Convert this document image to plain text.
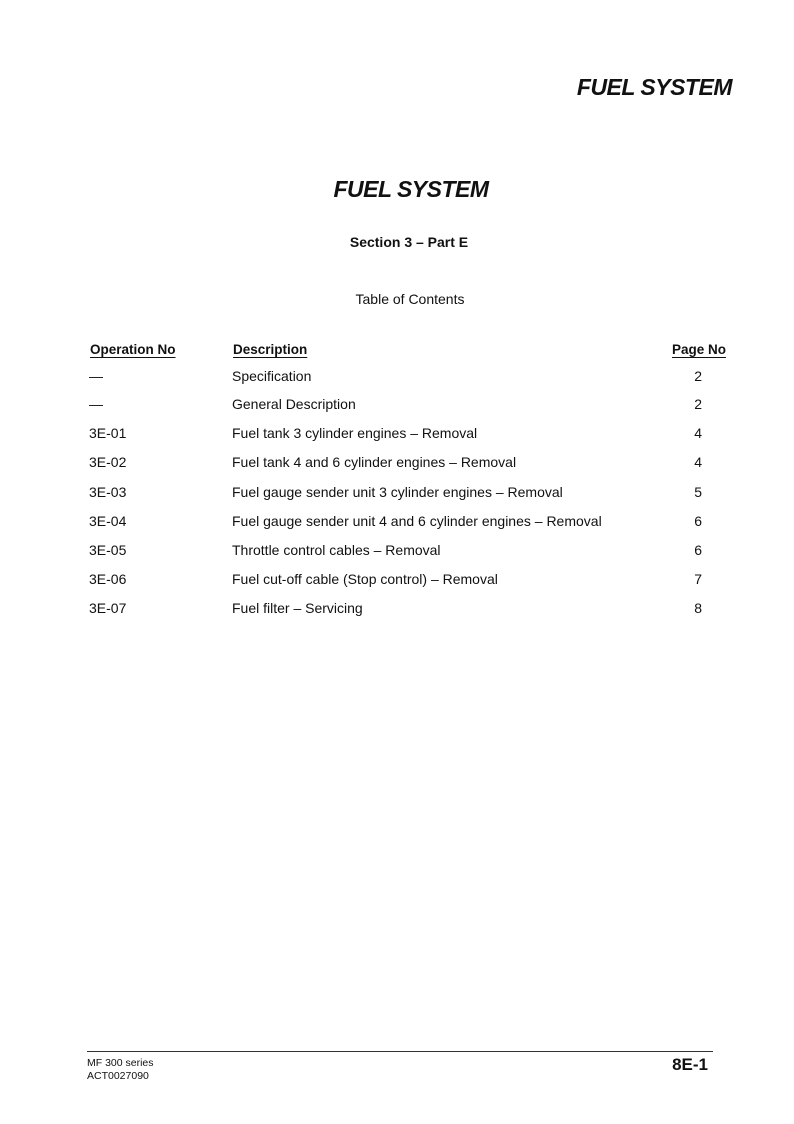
FUEL SYSTEM
FUEL SYSTEM
Section 3 – Part E
Table of Contents
Operation No	Description	Page No
—	Specification	2
—	General Description	2
3E-01	Fuel tank 3 cylinder engines – Removal	4
3E-02	Fuel tank 4 and 6 cylinder engines – Removal	4
3E-03	Fuel gauge sender unit 3 cylinder engines – Removal	5
3E-04	Fuel gauge sender unit 4 and 6 cylinder engines – Removal	6
3E-05	Throttle control cables – Removal	6
3E-06	Fuel cut-off cable (Stop control) – Removal	7
3E-07	Fuel filter – Servicing	8
MF 300 series
ACT0027090
8E-1
